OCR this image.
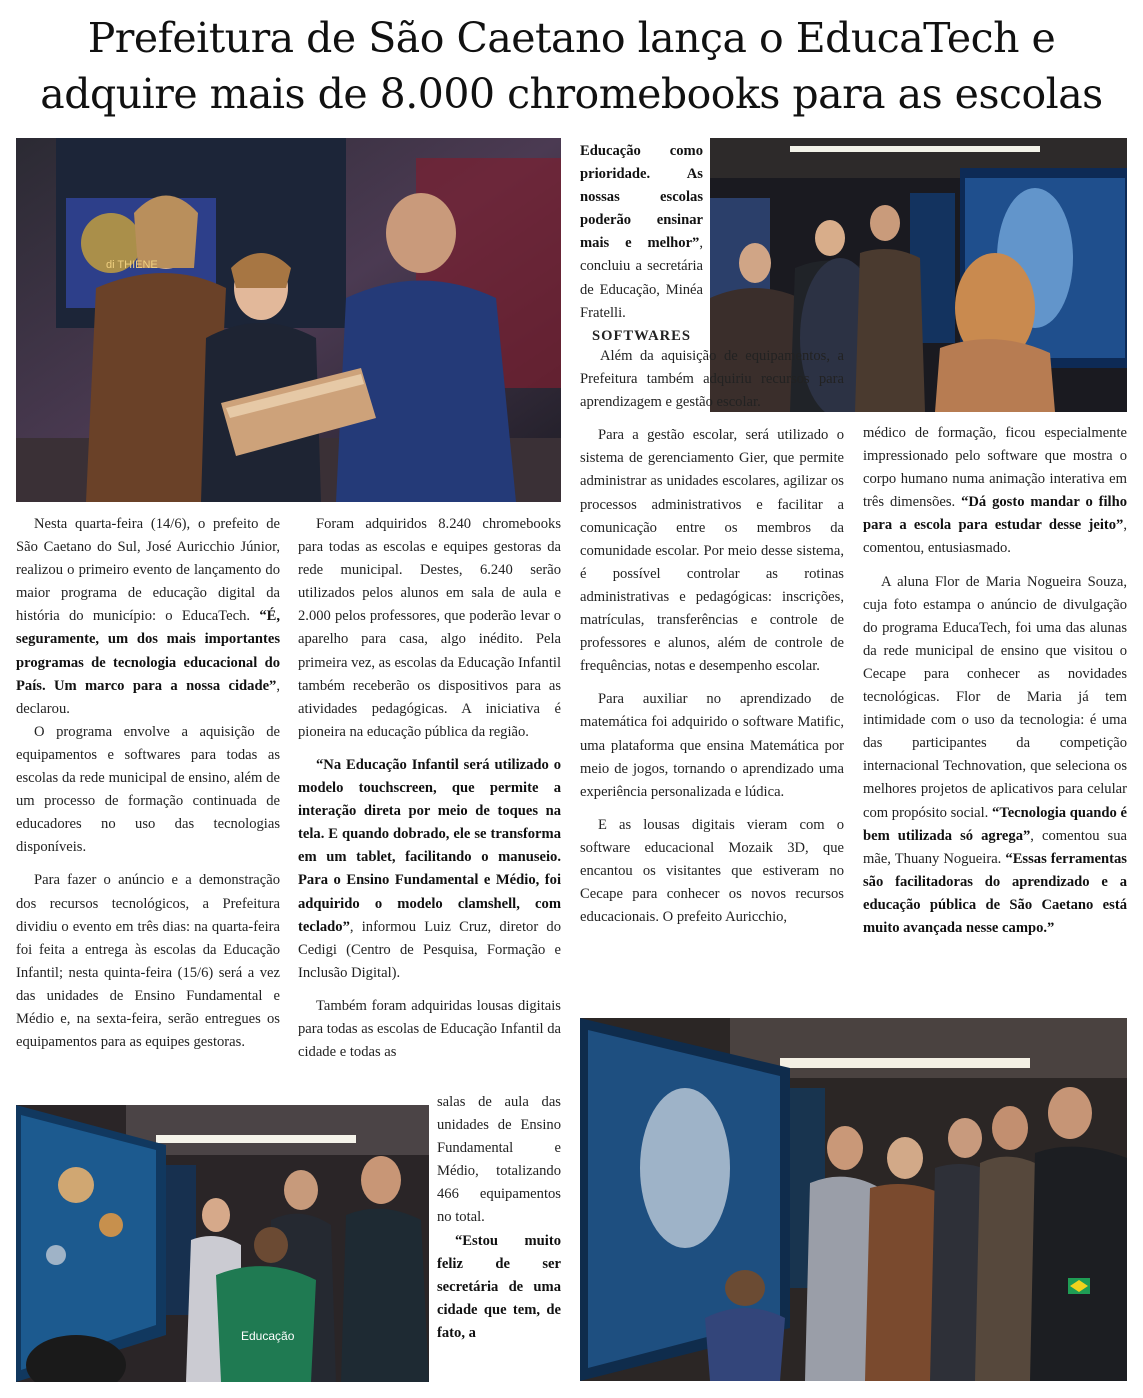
Prefeitura de São Caetano lança o EducaTech e
adquire mais de 8.000 chromebooks para as escolas
di THIENE
Educação

Nesta quarta-feira (14/6), o prefeito de São Caetano do Sul, José Auricchio Júnior, realizou o primeiro evento de lançamento do maior programa de educação digital da história do município: o EducaTech. “É, seguramente, um dos mais importantes programas de tecnologia educacional do País. Um marco para a nossa cidade”, declarou.

O programa envolve a aquisição de equipamentos e softwares para todas as escolas da rede municipal de ensino, além de um processo de formação continuada de educadores no uso das tecnologias disponíveis.

Para fazer o anúncio e a demonstração dos recursos tecnológicos, a Prefeitura dividiu o evento em três dias: na quarta-feira foi feita a entrega às escolas da Educação Infantil; nesta quinta-feira (15/6) será a vez das unidades de Ensino Fundamental e Médio e, na sexta-feira, serão entregues os equipamentos para as equipes gestoras.

Foram adquiridos 8.240 chromebooks para todas as escolas e equipes gestoras da rede municipal. Destes, 6.240 serão utilizados pelos alunos em sala de aula e 2.000 pelos professores, que poderão levar o aparelho para casa, algo inédito. Pela primeira vez, as escolas da Educação Infantil também receberão os dispositivos para as atividades pedagógicas. A iniciativa é pioneira na educação pública da região.

“Na Educação Infantil será utilizado o modelo touchscreen, que permite a interação direta por meio de toques na tela. E quando dobrado, ele se transforma em um tablet, facilitando o manuseio. Para o Ensino Fundamental e Médio, foi adquirido o modelo clamshell, com teclado”, informou Luiz Cruz, diretor do Cedigi (Centro de Pesquisa, Formação e Inclusão Digital).

Também foram adquiridas lousas digitais para todas as escolas de Educação Infantil da cidade e todas as

salas de aula das unidades de Ensino Fundamental e Médio, totalizando 466 equipamentos no total.

“Estou muito feliz de ser secretária de uma cidade que tem, de fato, a

Educação como prioridade. As nossas escolas poderão ensinar mais e melhor”, concluiu a secretária de Educação, Minéa Fratelli.

SOFTWARES

Além da aquisição de equipamentos, a Prefeitura também adquiriu recursos para aprendizagem e gestão escolar.

Para a gestão escolar, será utilizado o sistema de gerenciamento Gier, que permite administrar as unidades escolares, agilizar os processos administrativos e facilitar a comunicação entre os membros da comunidade escolar. Por meio desse sistema, é possível controlar as rotinas administrativas e pedagógicas: inscrições, matrículas, transferências e controle de professores e alunos, além de controle de frequências, notas e desempenho escolar.

Para auxiliar no aprendizado de matemática foi adquirido o software Matific, uma plataforma que ensina Matemática por meio de jogos, tornando o aprendizado uma experiência personalizada e lúdica.

E as lousas digitais vieram com o software educacional Mozaik 3D, que encantou os visitantes que estiveram no Cecape para conhecer os novos recursos educacionais. O prefeito Auricchio,

médico de formação, ficou especialmente impressionado pelo software que mostra o corpo humano numa animação interativa em três dimensões. “Dá gosto mandar o filho para a escola para estudar desse jeito”, comentou, entusiasmado.

A aluna Flor de Maria Nogueira Souza, cuja foto estampa o anúncio de divulgação do programa EducaTech, foi uma das alunas da rede municipal de ensino que visitou o Cecape para conhecer as novidades tecnológicas. Flor de Maria já tem intimidade com o uso da tecnologia: é uma das participantes da competição internacional Technovation, que seleciona os melhores projetos de aplicativos para celular com propósito social. “Tecnologia quando é bem utilizada só agrega”, comentou sua mãe, Thuany Nogueira. “Essas ferramentas são facilitadoras do aprendizado e a educação pública de São Caetano está muito avançada nesse campo.”
